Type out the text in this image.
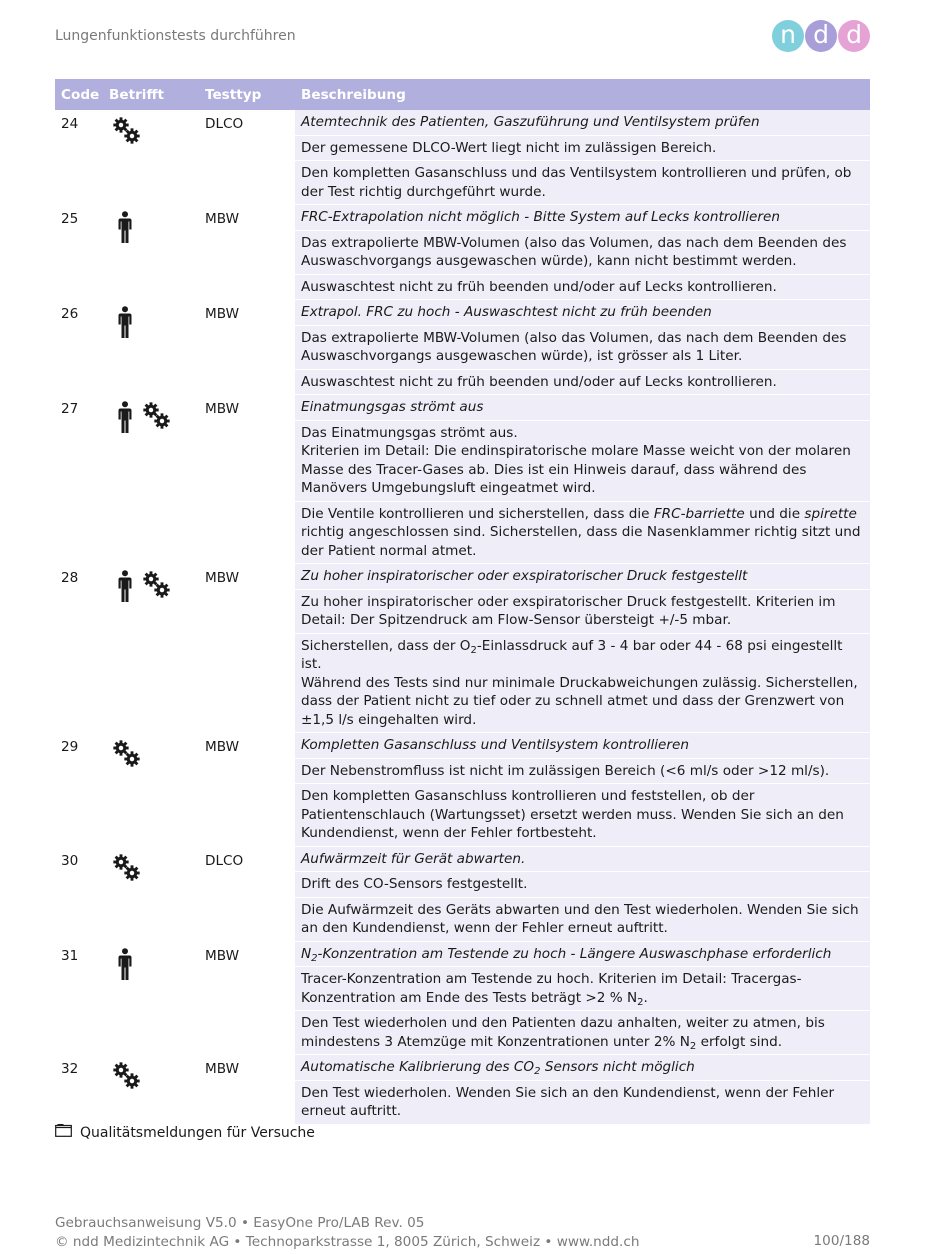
Lungenfunktionstests durchführen	n d d
Code	Betrifft	Testtyp	Beschreibung
24		DLCO	Atemtechnik des Patienten, Gaszuführung und Ventilsystem prüfen
			Der gemessene DLCO-Wert liegt nicht im zulässigen Bereich.
			Den kompletten Gasanschluss und das Ventilsystem kontrollieren und prüfen, ob der Test richtig durchgeführt wurde.
25		MBW	FRC-Extrapolation nicht möglich - Bitte System auf Lecks kontrollieren
			Das extrapolierte MBW-Volumen (also das Volumen, das nach dem Beenden des Auswaschvorgangs ausgewaschen würde), kann nicht bestimmt werden.
			Auswaschtest nicht zu früh beenden und/oder auf Lecks kontrollieren.
26		MBW	Extrapol. FRC zu hoch - Auswaschtest nicht zu früh beenden
			Das extrapolierte MBW-Volumen (also das Volumen, das nach dem Beenden des Auswaschvorgangs ausgewaschen würde), ist grösser als 1 Liter.
			Auswaschtest nicht zu früh beenden und/oder auf Lecks kontrollieren.
27		MBW	Einatmungsgas strömt aus

			Das Einatmungsgas strömt aus.
Kriterien im Detail: Die endinspiratorische molare Masse weicht von der molaren Masse des Tracer-Gases ab. Dies ist ein Hinweis darauf, dass während des Manövers Umgebungsluft eingeatmet wird.

			Die Ventile kontrollieren und sicherstellen, dass die FRC-barriette und die spirette richtig angeschlossen sind. Sicherstellen, dass die Nasenklammer richtig sitzt und der Patient normal atmet.
28		MBW	Zu hoher inspiratorischer oder exspiratorischer Druck festgestellt
			Zu hoher inspiratorischer oder exspiratorischer Druck festgestellt. Kriterien im Detail: Der Spitzendruck am Flow-Sensor übersteigt +/-5 mbar.

			Sicherstellen, dass der $O_2$-Einlassdruck auf 3 - 4 bar oder 44 - 68 psi eingestellt ist.
Während des Tests sind nur minimale Druckabweichungen zulässig. Sicherstellen, dass der Patient nicht zu tief oder zu schnell atmet und dass der Grenzwert von ±1,5 l/s eingehalten wird.

29		MBW	Kompletten Gasanschluss und Ventilsystem kontrollieren
			Der Nebenstromfluss ist nicht im zulässigen Bereich (<6 ml/s oder >12 ml/s).
			Den kompletten Gasanschluss kontrollieren und feststellen, ob der Patientenschlauch (Wartungsset) ersetzt werden muss. Wenden Sie sich an den Kundendienst, wenn der Fehler fortbesteht.
30		DLCO	Aufwärmzeit für Gerät abwarten.
			Drift des CO-Sensors festgestellt.
			Die Aufwärmzeit des Geräts abwarten und den Test wiederholen. Wenden Sie sich an den Kundendienst, wenn der Fehler erneut auftritt.
31		MBW	$N_2$-Konzentration am Testende zu hoch - Längere Auswaschphase erforderlich
			Tracer-Konzentration am Testende zu hoch. Kriterien im Detail: Tracergas-Konzentration am Ende des Tests beträgt >2 % $N_2$.
			Den Test wiederholen und den Patienten dazu anhalten, weiter zu atmen, bis mindestens 3 Atemzüge mit Konzentrationen unter 2% $N_2$ erfolgt sind.
32		MBW	Automatische Kalibrierung des $CO_2$ Sensors nicht möglich
			Den Test wiederholen. Wenden Sie sich an den Kundendienst, wenn der Fehler erneut auftritt.
Qualitätsmeldungen für Versuche
Gebrauchsanweisung V5.0 • EasyOne Pro/LAB Rev. 05
© ndd Medizintechnik AG • Technoparkstrasse 1, 8005 Zürich, Schweiz • www.ndd.ch	100/188
